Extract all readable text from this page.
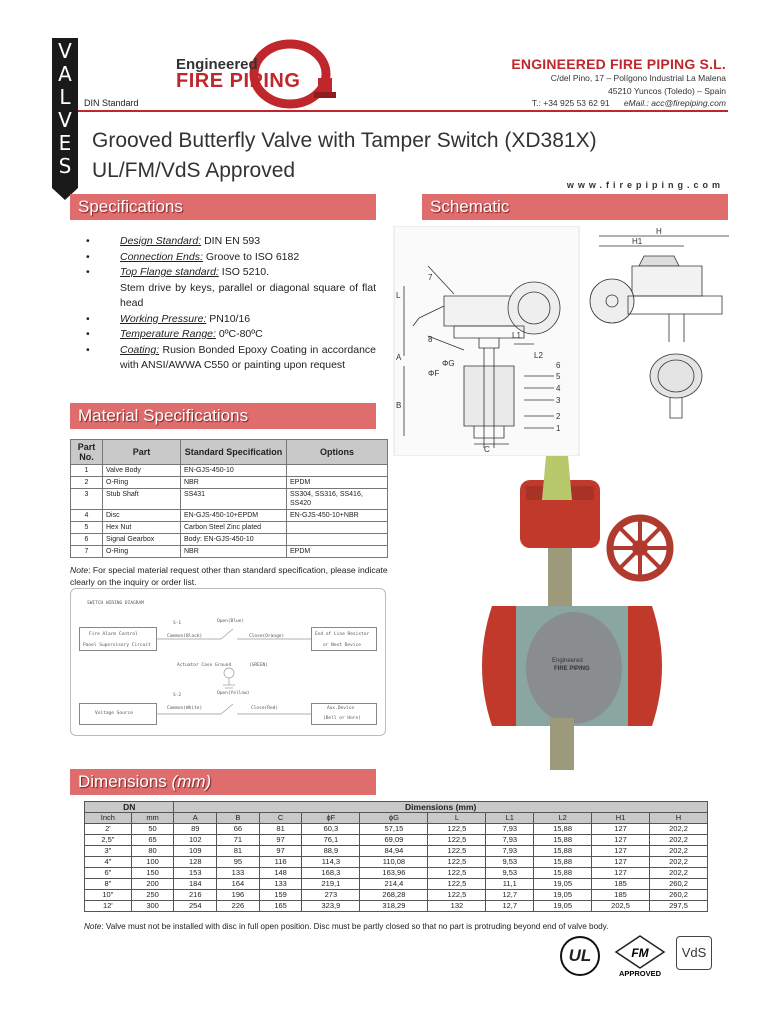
V
A
L
V
E
S
DIN Standard
Engineered
FIRE PIPING
ENGINEERED FIRE PIPING S.L.
C/del Pino, 17 – Polígono Industrial La Malena
45210 Yuncos (Toledo) – Spain
T.: +34 925 53 62 91 eMail.: acc@firepiping.com
Grooved Butterfly Valve with Tamper Switch (XD381X)
UL/FM/VdS Approved
www.firepiping.com
Specifications	Schematic
Material Specifications
Dimensions (mm)
• Design Standard: DIN EN 593
• Connection Ends: Groove to ISO 6182
• Top Flange standard: ISO 5210.
Stem drive by keys, parallel or diagonal square of flat head
• Working Pressure: PN10/16
• Temperature Range: 0ºC-80ºC
• Coating: Rusion Bonded Epoxy Coating in accordance with ANSI/AWWA C550 or painting upon request
Part No.	Part	Standard Specification	Options
1	Valve Body	EN-GJS-450-10	
2	O-Ring	NBR	EPDM
3	Stub Shaft	SS431	SS304, SS316, SS416, SS420
4	Disc	EN-GJS-450-10+EPDM	EN-GJS-450-10+NBR
5	Hex Nut	Carbon Steel Zinc plated	
6	Signal Gearbox	Body: EN-GJS-450-10	
7	O-Ring	NBR	EPDM
Note: For special material request other than standard specification, please indicate clearly on the inquiry or order list.
SWITCH WIRING DIAGRAM
S-1	Open(Blue)
Common(Black)	Close(Orange)
Fire Alarm Control
Panel Supervisory Circuit
End of Line Resistor
or Next Device
Actuator Case Ground	(GREEN)
S-2	Open(Yellow)
Common(White)	Close(Red)
Voltage Source
Aux.Device
(Bell or Horn)
7
8
6
5
4
3
2
1
H
H1
L
L1
L2
A
B
C
ΦF
ΦG
Engineered
FIRE PIPING
DN		Dimensions (mm)									
Inch	mm	A	B	C	ϕF	ϕG	L	L1	L2	H1	H
2'	50	89	66	81	60,3	57,15	122,5	7,93	15,88	127	202,2
2,5"	65	102	71	97	76,1	69,09	122,5	7,93	15,88	127	202,2
3"	80	109	81	97	88,9	84,94	122,5	7,93	15,88	127	202,2
4"	100	128	95	116	114,3	110,08	122,5	9,53	15,88	127	202,2
6"	150	153	133	148	168,3	163,96	122,5	9,53	15,88	127	202,2
8"	200	184	164	133	219,1	214,4	122,5	11,1	19,05	185	260,2
10"	250	216	196	159	273	268,28	122,5	12,7	19,05	185	260,2
12'	300	254	226	165	323,9	318,29	132	12,7	19,05	202,5	297,5
Note: Valve must not be installed with disc in full open position. Disc must be partly closed so that no part is protruding beyond end of valve body.
UL	FM
APPROVED
VdS
